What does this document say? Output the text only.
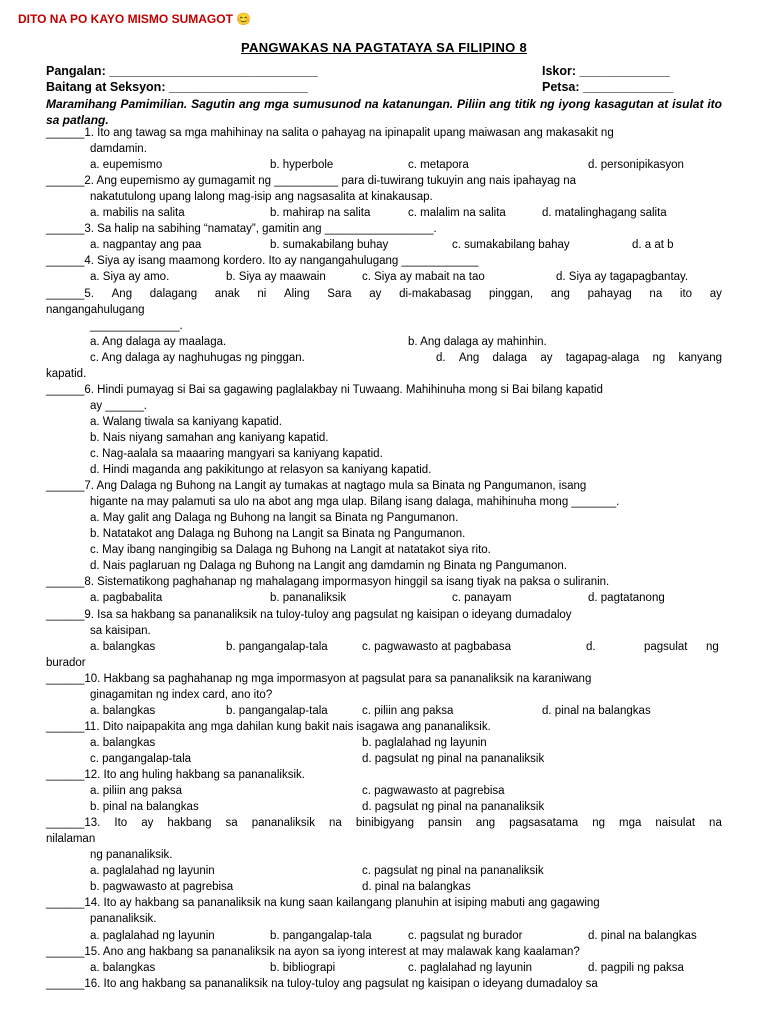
DITO NA PO KAYO MISMO SUMAGOT 😊
PANGWAKAS NA PAGTATAYA SA FILIPINO 8
Pangalan: ______________________________
Baitang at Seksyon: ____________________
Iskor: _____________
Petsa: _____________
Maramihang Pamimilian. Sagutin ang mga sumusunod na katanungan. Piliin ang titik ng iyong kasagutan at isulat ito sa patlang.
______1. Ito ang tawag sa mga mahihinay na salita o pahayag na ipinapalit upang maiwasan ang makasakit ng
damdamin.
a. eupemismo	b. hyperbole	c. metapora	d. personipikasyon
______2. Ang eupemismo ay gumagamit ng __________ para di-tuwirang tukuyin ang nais ipahayag na
nakatutulong upang lalong mag-isip ang nagsasalita at kinakausap.
a. mabilis na salita	b. mahirap na salita	c. malalim na salita	d. matalinghagang salita
______3. Sa halip na sabihing “namatay”, gamitin ang _________________.
a. nagpantay ang paa	b. sumakabilang buhay	c. sumakabilang bahay	d. a at b
______4. Siya ay isang maamong kordero. Ito ay nangangahulugang ____________
a. Siya ay amo.	b. Siya ay maawain	c. Siya ay mabait na tao	d. Siya ay tagapagbantay.
______5. Ang dalagang anak ni Aling Sara ay di-makabasag pinggan, ang pahayag na ito ay
nangangahulugang
______________.
a. Ang dalaga ay maalaga.	b. Ang dalaga ay mahinhin.
c. Ang dalaga ay naghuhugas ng pinggan.	d. Ang dalaga ay tagapag-alaga ng kanyang
kapatid.
______6. Hindi pumayag si Bai sa gagawing paglalakbay ni Tuwaang. Mahihinuha mong si Bai bilang kapatid
ay ______.
a. Walang tiwala sa kaniyang kapatid.
b. Nais niyang samahan ang kaniyang kapatid.
c. Nag-aalala sa maaaring mangyari sa kaniyang kapatid.
d. Hindi maganda ang pakikitungo at relasyon sa kaniyang kapatid.
______7. Ang Dalaga ng Buhong na Langit ay tumakas at nagtago mula sa Binata ng Pangumanon, isang
higante na may palamuti sa ulo na abot ang mga ulap. Bilang isang dalaga, mahihinuha mong _______.
a. May galit ang Dalaga ng Buhong na langit sa Binata ng Pangumanon.
b. Natatakot ang Dalaga ng Buhong na Langit sa Binata ng Pangumanon.
c. May ibang nangingibig sa Dalaga ng Buhong na Langit at natatakot siya rito.
d. Nais paglaruan ng Dalaga ng Buhong na Langit ang damdamin ng Binata ng Pangumanon.
______8. Sistematikong paghahanap ng mahalagang impormasyon hinggil sa isang tiyak na paksa o suliranin.
a. pagbabalita	b. pananaliksik	c. panayam	d. pagtatanong
______9. Isa sa hakbang sa pananaliksik na tuloy-tuloy ang pagsulat ng kaisipan o ideyang dumadaloy
sa kaisipan.
a. balangkas	b. pangangalap-tala	c. pagwawasto at pagbabasa	d.	pagsulat ng
burador
______10. Hakbang sa paghahanap ng mga impormasyon at pagsulat para sa pananaliksik na karaniwang
ginagamitan ng index card, ano ito?
a. balangkas	b. pangangalap-tala	c. piliin ang paksa	d. pinal na balangkas
______11. Dito naipapakita ang mga dahilan kung bakit nais isagawa ang pananaliksik.
a. balangkas	b. paglalahad ng layunin
c. pangangalap-tala	d. pagsulat ng pinal na pananaliksik
______12. Ito ang huling hakbang sa pananaliksik.
a. piliin ang paksa	c. pagwawasto at pagrebisa
b. pinal na balangkas	d. pagsulat ng pinal na pananaliksik
______13. Ito ay hakbang sa pananaliksik na binibigyang pansin ang pagsasatama ng mga naisulat na
nilalaman
ng pananaliksik.
a. paglalahad ng layunin	c. pagsulat ng pinal na pananaliksik
b. pagwawasto at pagrebisa	d. pinal na balangkas
______14. Ito ay hakbang sa pananaliksik na kung saan kailangang planuhin at isiping mabuti ang gagawing
pananaliksik.
a. paglalahad ng layunin	b. pangangalap-tala	c. pagsulat ng burador	d. pinal na balangkas
______15. Ano ang hakbang sa pananaliksik na ayon sa iyong interest at may malawak kang kaalaman?
a. balangkas	b. bibliograpi	c. paglalahad ng layunin	d. pagpili ng paksa
______16. Ito ang hakbang sa pananaliksik na tuloy-tuloy ang pagsulat ng kaisipan o ideyang dumadaloy sa
